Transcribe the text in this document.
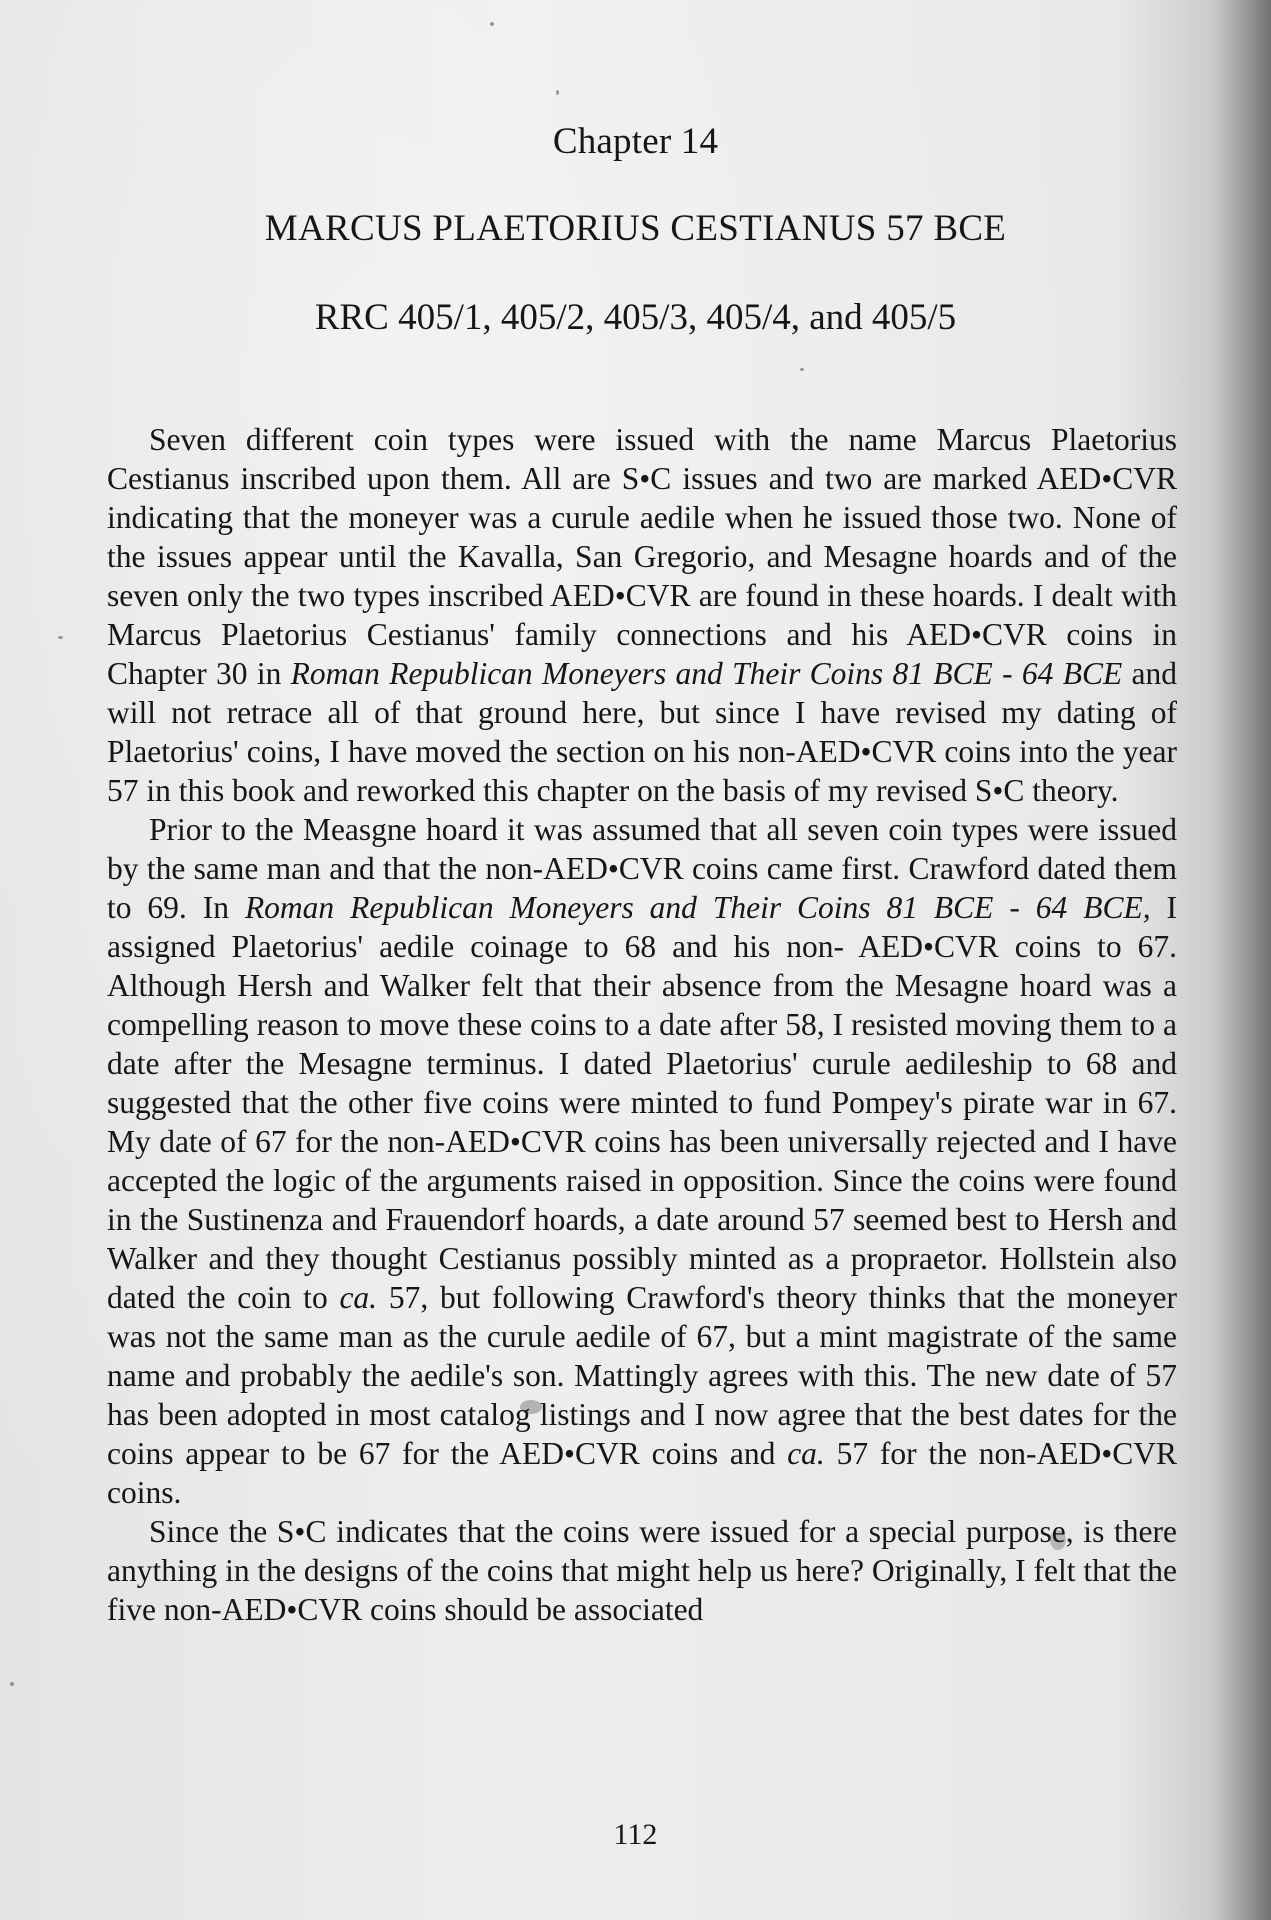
Chapter 14
MARCUS PLAETORIUS CESTIANUS 57 BCE
RRC 405/1, 405/2, 405/3, 405/4, and 405/5

Seven different coin types were issued with the name Marcus Plaetorius Cestianus inscribed upon them. All are S•C issues and two are marked AED•CVR indicating that the moneyer was a curule aedile when he issued those two. None of the issues appear until the Kavalla, San Gregorio, and Mesagne hoards and of the seven only the two types inscribed AED•CVR are found in these hoards. I dealt with Marcus Plaetorius Cestianus' family connections and his AED•CVR coins in Chapter 30 in Roman Republican Moneyers and Their Coins 81 BCE - 64 BCE and will not retrace all of that ground here, but since I have revised my dating of Plaetorius' coins, I have moved the section on his non-AED•CVR coins into the year 57 in this book and reworked this chapter on the basis of my revised S•C theory.

Prior to the Measgne hoard it was assumed that all seven coin types were issued by the same man and that the non-AED•CVR coins came first. Crawford dated them to 69. In Roman Republican Moneyers and Their Coins 81 BCE - 64 BCE, I assigned Plaetorius' aedile coinage to 68 and his non- AED•CVR coins to 67. Although Hersh and Walker felt that their absence from the Mesagne hoard was a compelling reason to move these coins to a date after 58, I resisted moving them to a date after the Mesagne terminus. I dated Plaetorius' curule aedileship to 68 and suggested that the other five coins were minted to fund Pompey's pirate war in 67. My date of 67 for the non-AED•CVR coins has been universally rejected and I have accepted the logic of the arguments raised in opposition. Since the coins were found in the Sustinenza and Frauendorf hoards, a date around 57 seemed best to Hersh and Walker and they thought Cestianus possibly minted as a propraetor. Hollstein also dated the coin to ca. 57, but following Crawford's theory thinks that the moneyer was not the same man as the curule aedile of 67, but a mint magistrate of the same name and probably the aedile's son. Mattingly agrees with this. The new date of 57 has been adopted in most catalog listings and I now agree that the best dates for the coins appear to be 67 for the AED•CVR coins and ca. 57 for the non-AED•CVR coins.

Since the S•C indicates that the coins were issued for a special purpose, is there anything in the designs of the coins that might help us here? Originally, I felt that the five non-AED•CVR coins should be associated

112
